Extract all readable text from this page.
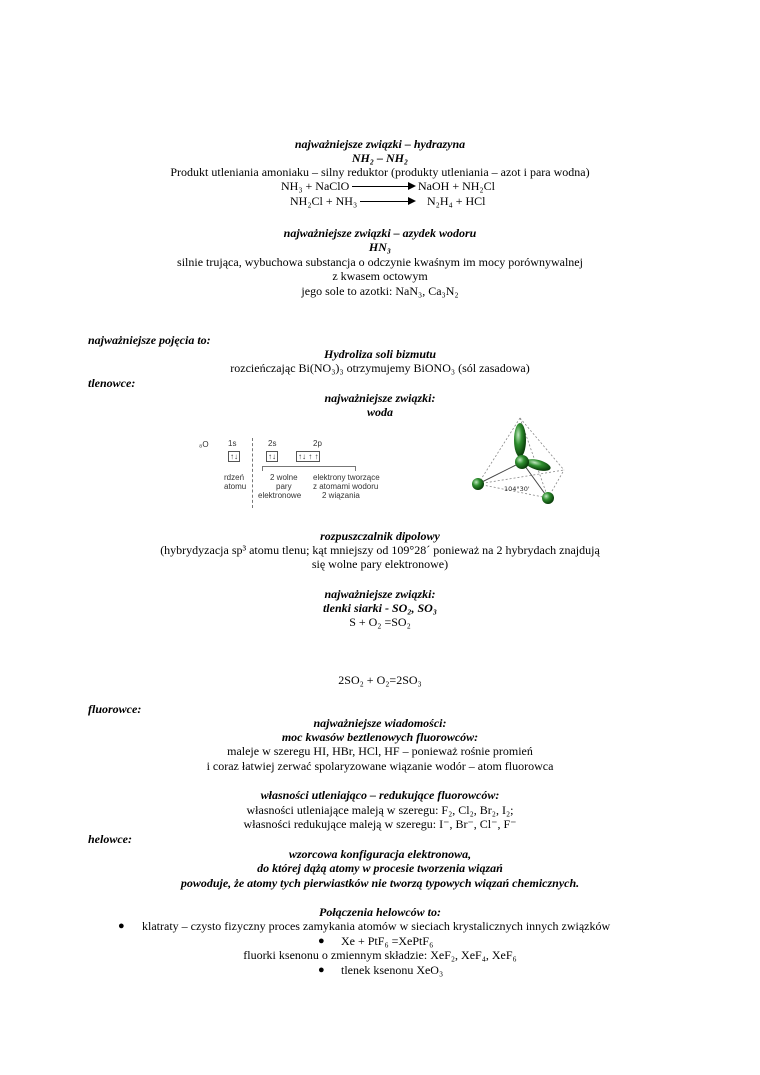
najważniejsze związki – hydrazyna
NH₂ – NH₂
Produkt utleniania amoniaku – silny reduktor (produkty utleniania – azot i para wodna)
NH₃ + NaClO	NaOH + NH₂Cl
NH₂Cl + NH₃	N₂H₄ + HCl
najważniejsze związki – azydek wodoru
HN₃
silnie trująca, wybuchowa substancja o odczynie kwaśnym im mocy porównywalnej
z kwasem octowym
jego sole to azotki: NaN₃, Ca₃N₂
najważniejsze pojęcia to:
Hydroliza soli bizmutu
rozcieńczając Bi(NO₃)₃ otrzymujemy BiONO₃ (sól zasadowa)
tlenowce:
najważniejsze związki:
woda
₈O 1s	2s	2p
↑↓	↑↓	↑↓ ↑ ↑
rdzeń
atomu
2 wolne
pary
elektronowe
elektrony tworzące
z atomami wodoru
2 wiązania
104°30'
rozpuszczalnik dipolowy
(hybrydyzacja sp³ atomu tlenu; kąt mniejszy od 109°28´ ponieważ na 2 hybrydach znajdują
się wolne pary elektronowe)
najważniejsze związki:
tlenki siarki - SO₂, SO₃
S + O₂ =SO₂
2SO₂ + O₂=2SO₃
fluorowce:
najważniejsze wiadomości:
moc kwasów beztlenowych fluorowców:
maleje w szeregu HI, HBr, HCl, HF – ponieważ rośnie promień
i coraz łatwiej zerwać spolaryzowane wiązanie wodór – atom fluorowca
własności utleniająco – redukujące fluorowców:
własności utleniające maleją w szeregu: F₂, Cl₂, Br₂, I₂;
własności redukujące maleją w szeregu: I⁻, Br⁻, Cl⁻, F⁻
helowce:
wzorcowa konfiguracja elektronowa,
do której dążą atomy w procesie tworzenia wiązań
powoduje, że atomy tych pierwiastków nie tworzą typowych wiązań chemicznych.
Połączenia helowców to:
● klatraty – czysto fizyczny proces zamykania atomów w sieciach krystalicznych innych związków
● Xe + PtF₆ =XePtF₆
fluorki ksenonu o zmiennym składzie: XeF₂, XeF₄, XeF₆
● tlenek ksenonu XeO₃
